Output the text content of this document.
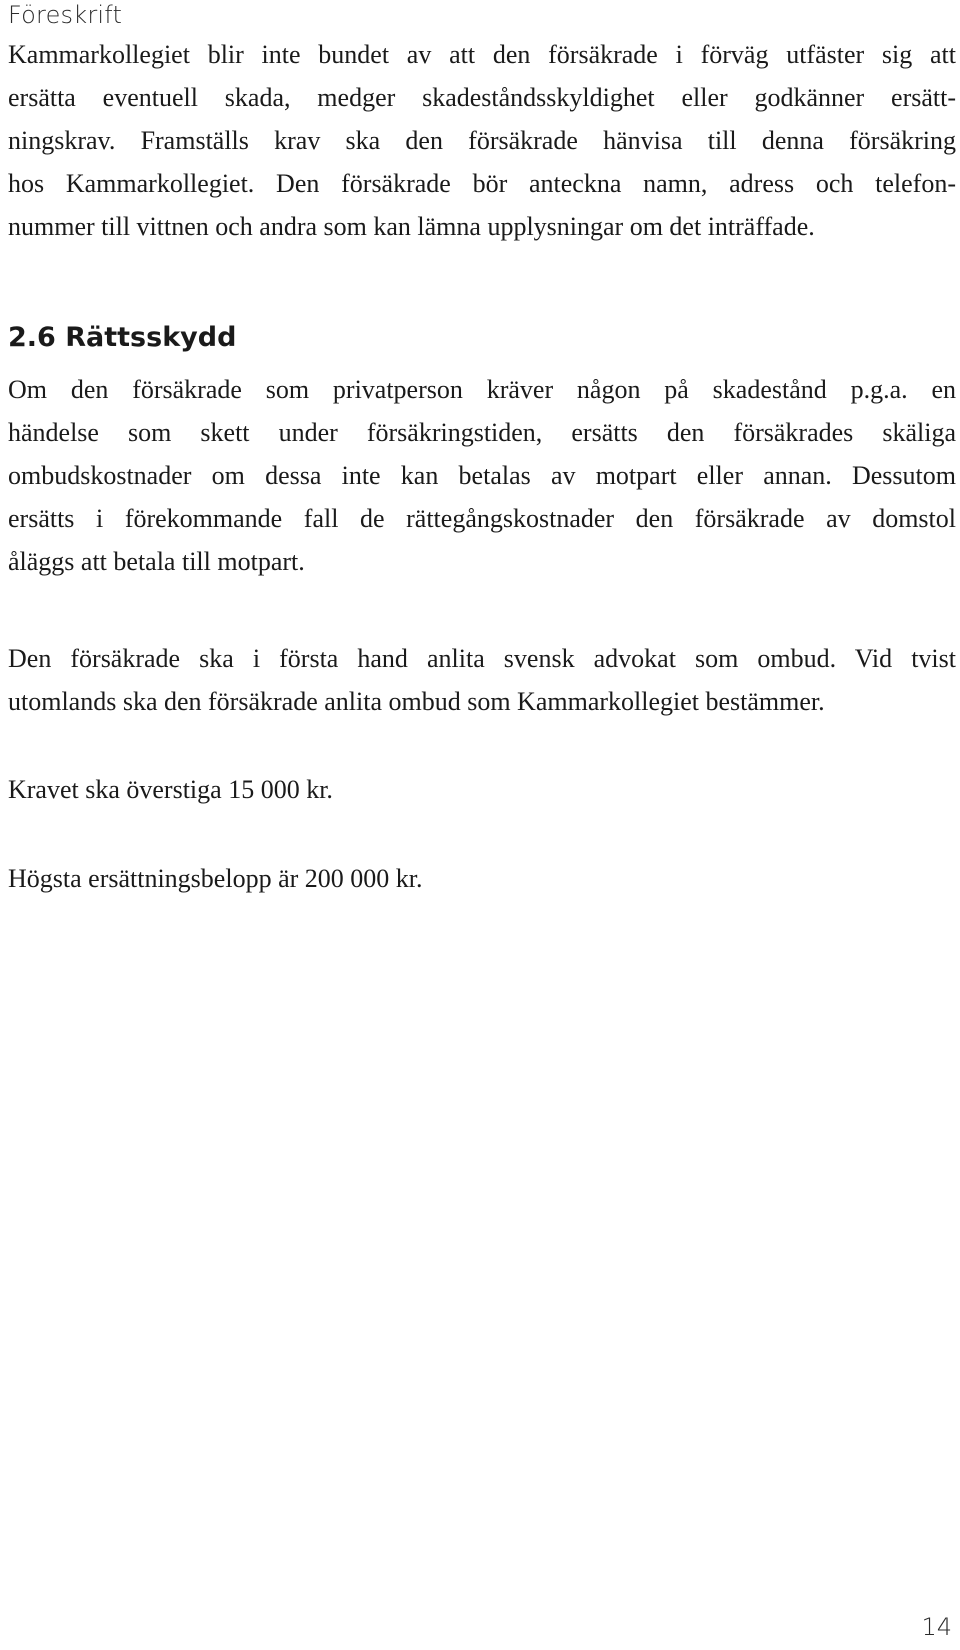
Föreskrift

Kammarkollegiet blir inte bundet av att den försäkrade i förväg utfäster sig att
ersätta eventuell skada, medger skadeståndsskyldighet eller godkänner ersätt-
ningskrav. Framställs krav ska den försäkrade hänvisa till denna försäkring
hos Kammarkollegiet. Den försäkrade bör anteckna namn, adress och telefon-
nummer till vittnen och andra som kan lämna upplysningar om det inträffade.

2.6 Rättsskydd

Om den försäkrade som privatperson kräver någon på skadestånd p.g.a. en
händelse som skett under försäkringstiden, ersätts den försäkrades skäliga
ombudskostnader om dessa inte kan betalas av motpart eller annan. Dessutom
ersätts i förekommande fall de rättegångskostnader den försäkrade av domstol
åläggs att betala till motpart.

Den försäkrade ska i första hand anlita svensk advokat som ombud. Vid tvist
utomlands ska den försäkrade anlita ombud som Kammarkollegiet bestämmer.

Kravet ska överstiga 15 000 kr.

Högsta ersättningsbelopp är 200 000 kr.

14
